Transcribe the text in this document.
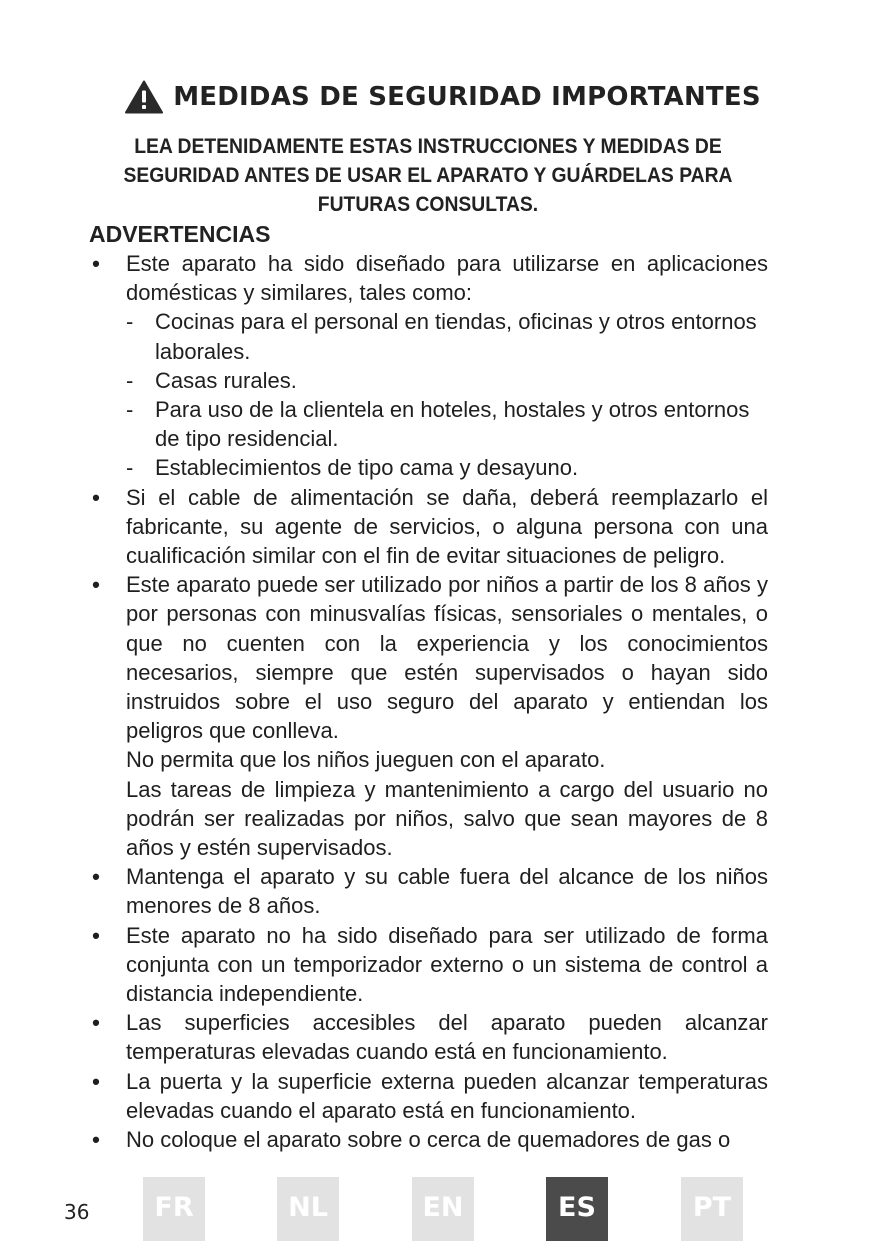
MEDIDAS DE SEGURIDAD IMPORTANTES
LEA DETENIDAMENTE ESTAS INSTRUCCIONES Y MEDIDAS DE SEGURIDAD ANTES DE USAR EL APARATO Y GUÁRDELAS PARA FUTURAS CONSULTAS.
ADVERTENCIAS
• Este aparato ha sido diseñado para utilizarse en aplicaciones domésticas y similares, tales como:
- Cocinas para el personal en tiendas, oficinas y otros entornos laborales.
- Casas rurales.
- Para uso de la clientela en hoteles, hostales y otros entornos de tipo residencial.
- Establecimientos de tipo cama y desayuno.
• Si el cable de alimentación se daña, deberá reemplazarlo el fabricante, su agente de servicios, o alguna persona con una cualificación similar con el fin de evitar situaciones de peligro.
• Este aparato puede ser utilizado por niños a partir de los 8 años y por personas con minusvalías físicas, sensoriales o mentales, o que no cuenten con la experiencia y los conocimientos necesarios, siempre que estén supervisados o hayan sido instruidos sobre el uso seguro del aparato y entiendan los peligros que conlleva.
No permita que los niños jueguen con el aparato.
Las tareas de limpieza y mantenimiento a cargo del usuario no podrán ser realizadas por niños, salvo que sean mayores de 8 años y estén supervisados.
• Mantenga el aparato y su cable fuera del alcance de los niños menores de 8 años.
• Este aparato no ha sido diseñado para ser utilizado de forma conjunta con un temporizador externo o un sistema de control a distancia independiente.
• Las superficies accesibles del aparato pueden alcanzar temperaturas elevadas cuando está en funcionamiento.
• La puerta y la superficie externa pueden alcanzar temperaturas elevadas cuando el aparato está en funcionamiento.
• No coloque el aparato sobre o cerca de quemadores de gas o
36	FR	NL	EN	ES	PT
